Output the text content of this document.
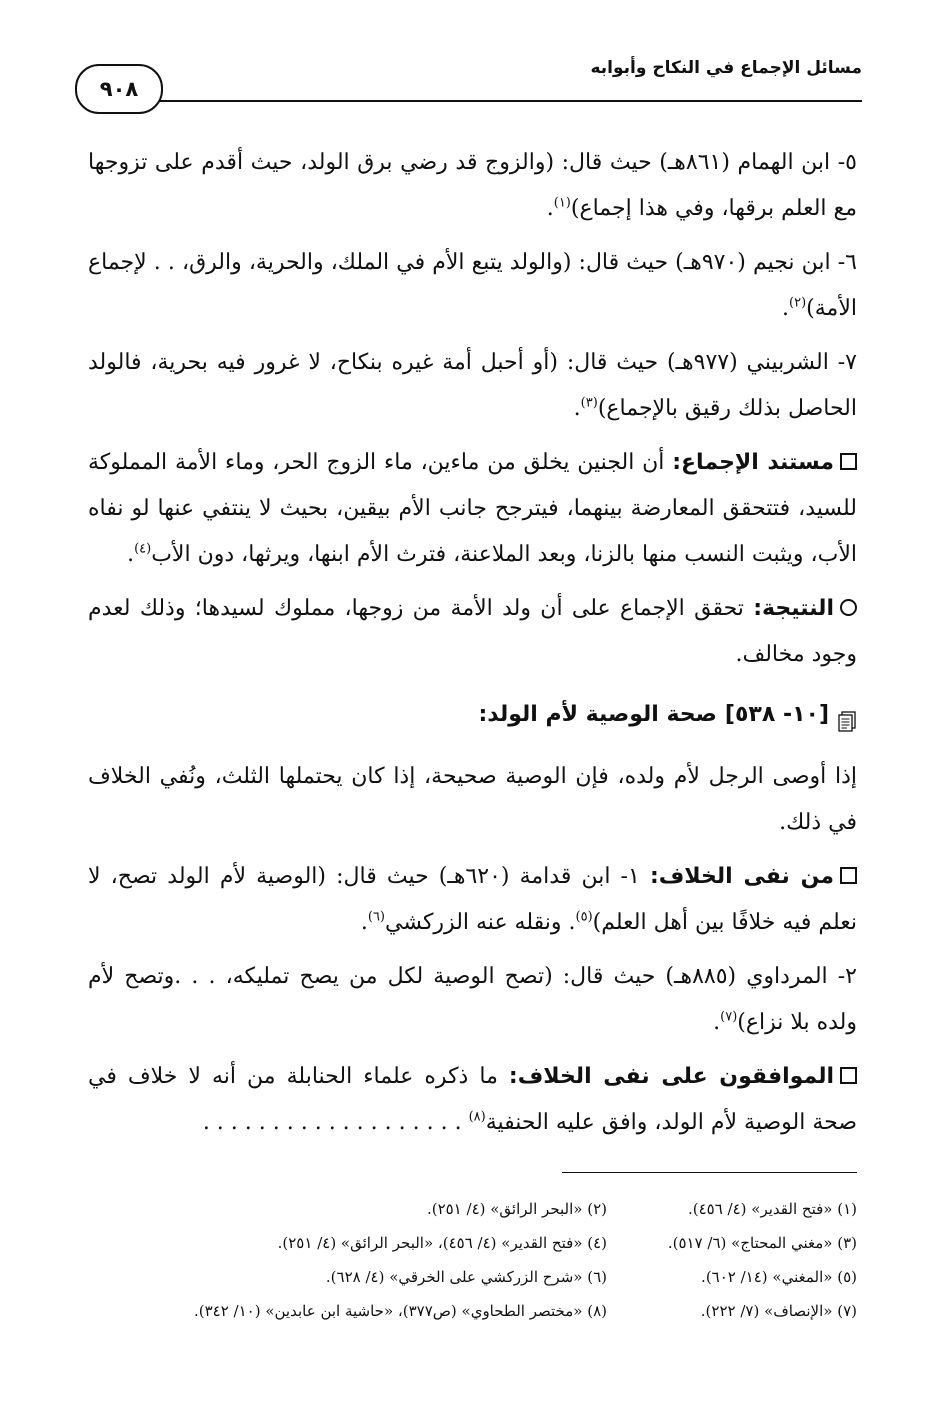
مسائل الإجماع في النكاح وأبوابه
٩٠٨

٥- ابن الهمام (٨٦١هـ) حيث قال: (والزوج قد رضي برق الولد، حيث أقدم على تزوجها مع العلم برقها، وفي هذا إجماع)$^{(١)}$.

٦- ابن نجيم (٩٧٠هـ) حيث قال: (والولد يتبع الأم في الملك، والحرية، والرق، . . لإجماع الأمة)$^{(٢)}$.

٧- الشربيني (٩٧٧هـ) حيث قال: (أو أحبل أمة غيره بنكاح، لا غرور فيه بحرية، فالولد الحاصل بذلك رقيق بالإجماع)$^{(٣)}$.

مستند الإجماع: أن الجنين يخلق من ماءين، ماء الزوج الحر، وماء الأمة المملوكة للسيد، فتتحقق المعارضة بينهما، فيترجح جانب الأم بيقين، بحيث لا ينتفي عنها لو نفاه الأب، ويثبت النسب منها بالزنا، وبعد الملاعنة، فترث الأم ابنها، ويرثها، دون الأب$^{(٤)}$.

النتيجة: تحقق الإجماع على أن ولد الأمة من زوجها، مملوك لسيدها؛ وذلك لعدم وجود مخالف.

[١٠- ٥٣٨]
صحة الوصية لأم الولد:

إذا أوصى الرجل لأم ولده، فإن الوصية صحيحة، إذا كان يحتملها الثلث، ونُفي الخلاف في ذلك.

من نفى الخلاف: ١- ابن قدامة (٦٢٠هـ) حيث قال: (الوصية لأم الولد تصح، لا نعلم فيه خلافًا بين أهل العلم)$^{(٥)}$. ونقله عنه الزركشي$^{(٦)}$.

٢- المرداوي (٨٨٥هـ) حيث قال: (تصح الوصية لكل من يصح تمليكه، . . .وتصح لأم ولده بلا نزاع)$^{(٧)}$.

الموافقون على نفى الخلاف: ما ذكره علماء الحنابلة من أنه لا خلاف في صحة الوصية لأم الولد، وافق عليه الحنفية$^{(٨)}$ . . . . . . . . . . . . . . . . . . .

(١) «فتح القدير» (٤/ ٤٥٦).
(٢) «البحر الرائق» (٤/ ٢٥١).
(٣) «مغني المحتاج» (٦/ ٥١٧).
(٤) «فتح القدير» (٤/ ٤٥٦)، «البحر الرائق» (٤/ ٢٥١).
(٥) «المغني» (١٤/ ٦٠٢).
(٦) «شرح الزركشي على الخرقي» (٤/ ٦٢٨).
(٧) «الإنصاف» (٧/ ٢٢٢).
(٨) «مختصر الطحاوي» (ص٣٧٧)، «حاشية ابن عابدين» (١٠/ ٣٤٢).
